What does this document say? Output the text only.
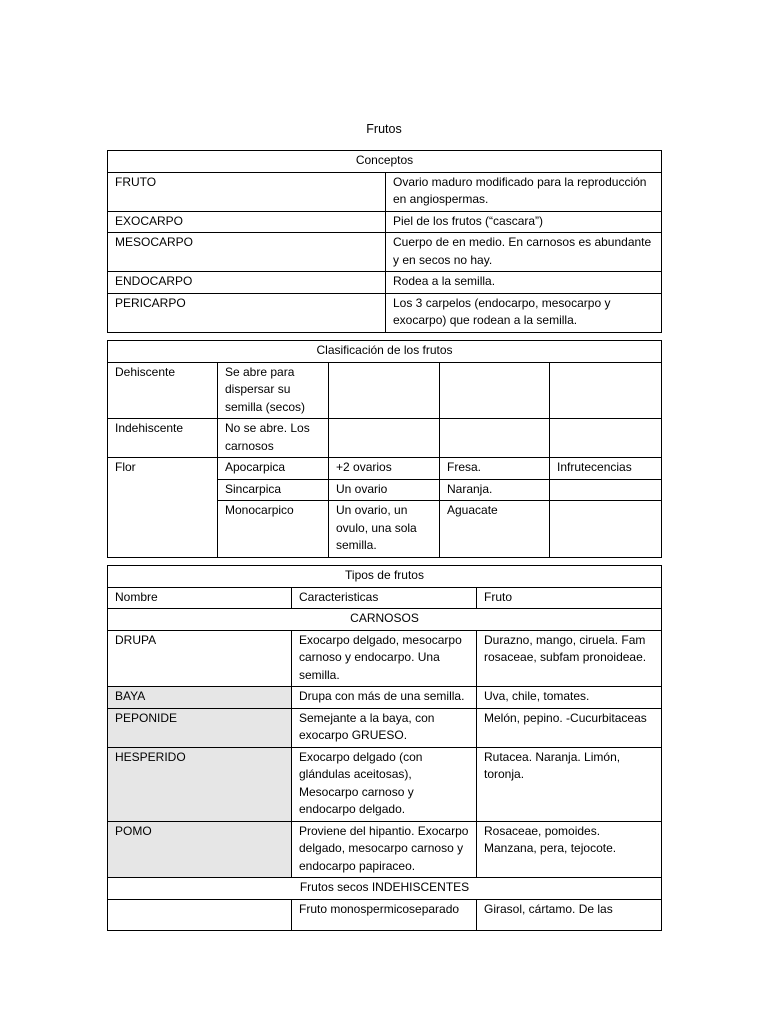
Frutos
Conceptos	
FRUTO	Ovario maduro modificado para la reproducción en angiospermas.
EXOCARPO	Piel de los frutos (“cascara”)
MESOCARPO	Cuerpo de en medio. En carnosos es abundante y en secos no hay.
ENDOCARPO	Rodea a la semilla.
PERICARPO	Los 3 carpelos (endocarpo, mesocarpo y exocarpo) que rodean a la semilla.
Clasificación de los frutos				
Dehiscente	Se abre para dispersar su semilla (secos)			
Indehiscente	No se abre. Los carnosos			
Flor	Apocarpica	+2 ovarios	Fresa.	Infrutecencias
	Sincarpica	Un ovario	Naranja.	
	Monocarpico	Un ovario, un ovulo, una sola semilla.	Aguacate	
Tipos de frutos		
Nombre	Caracteristicas	Fruto
CARNOSOS		
DRUPA	Exocarpo delgado, mesocarpo carnoso y endocarpo. Una semilla.	Durazno, mango, ciruela. Fam rosaceae, subfam pronoideae.
BAYA	Drupa con más de una semilla.	Uva, chile, tomates.
PEPONIDE	Semejante a la baya, con exocarpo GRUESO.	Melón, pepino. -Cucurbitaceas
HESPERIDO	Exocarpo delgado (con glándulas aceitosas), Mesocarpo carnoso y endocarpo delgado.	Rutacea. Naranja. Limón, toronja.
POMO	Proviene del hipantio. Exocarpo delgado, mesocarpo carnoso y endocarpo papiraceo.	Rosaceae, pomoides. Manzana, pera, tejocote.
Frutos secos INDEHISCENTES		
	Fruto monospermicoseparado	Girasol, cártamo. De las
